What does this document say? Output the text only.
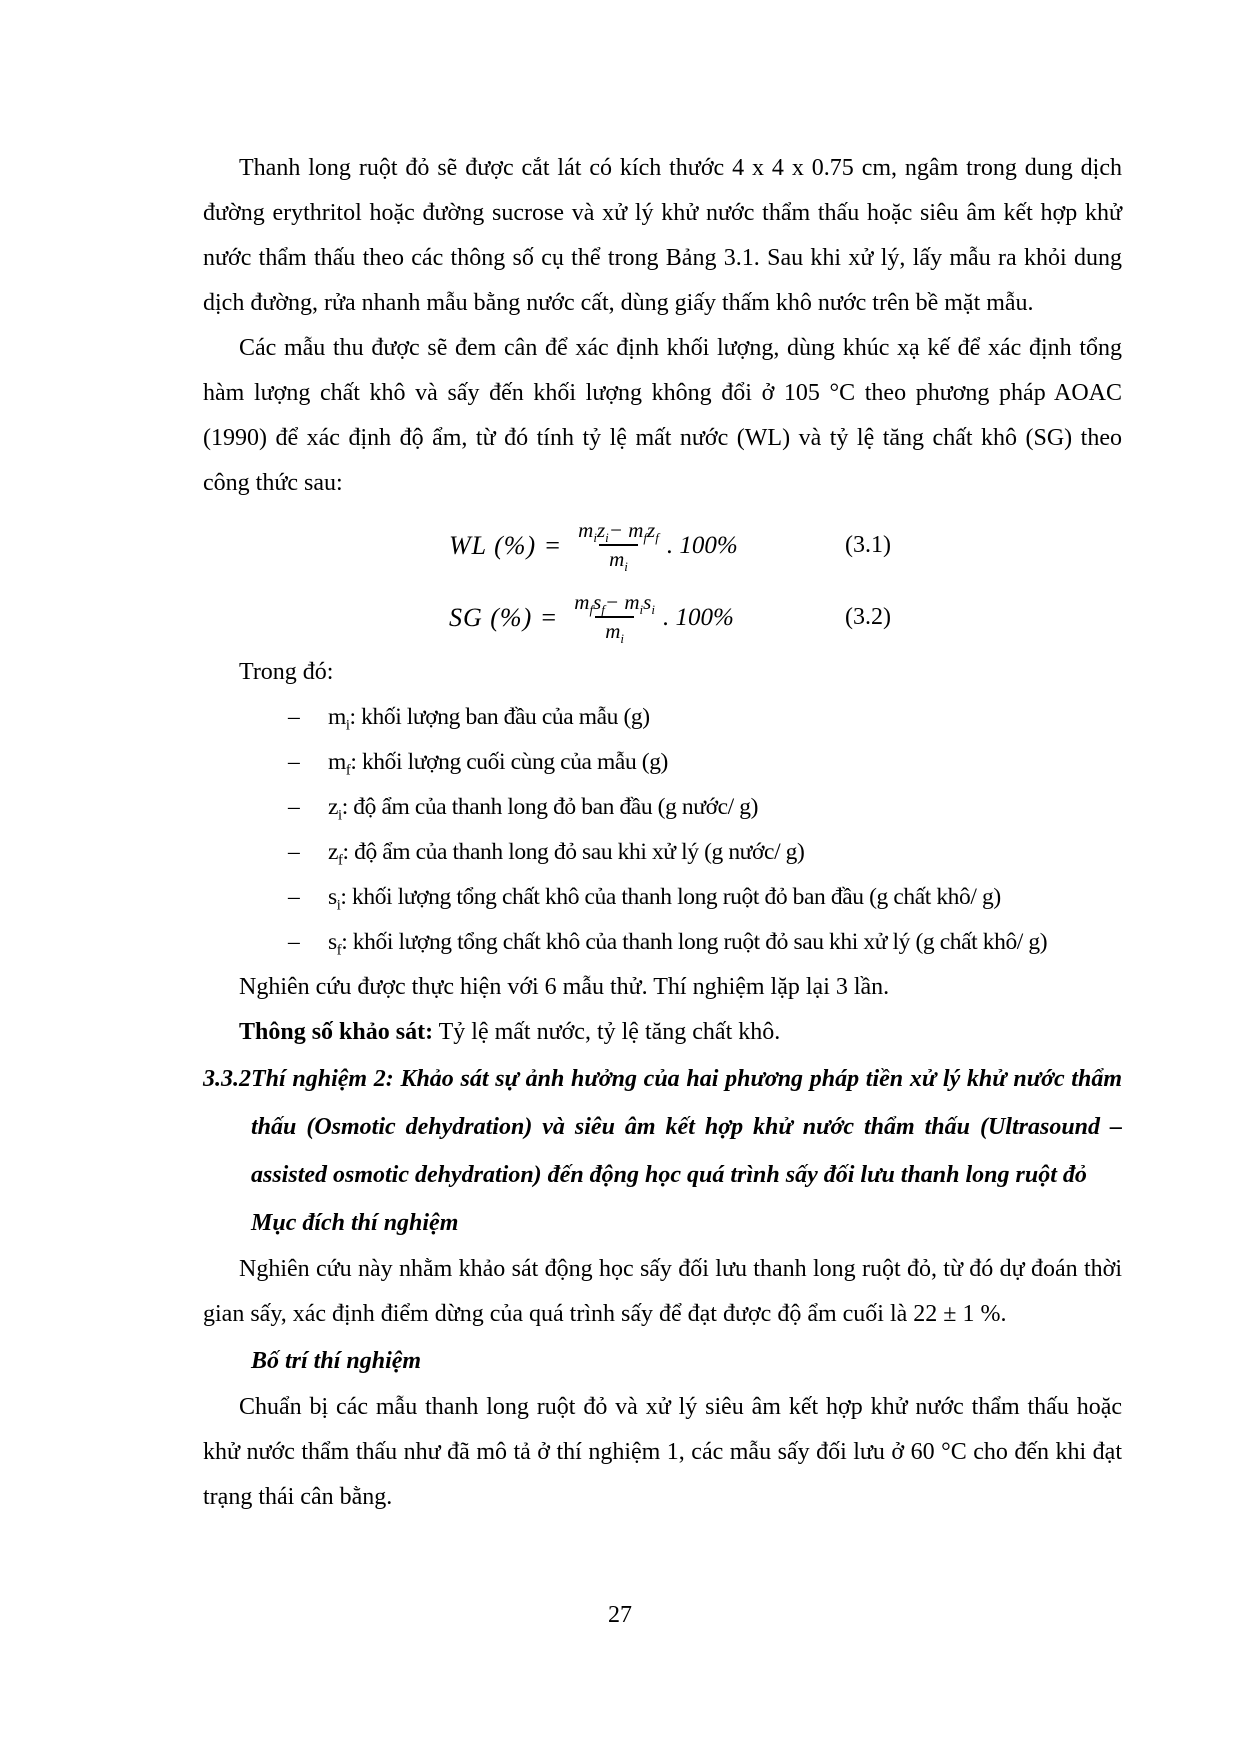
Thanh long ruột đỏ sẽ được cắt lát có kích thước 4 x 4 x 0.75 cm, ngâm trong dung dịch đường erythritol hoặc đường sucrose và xử lý khử nước thẩm thấu hoặc siêu âm kết hợp khử nước thẩm thấu theo các thông số cụ thể trong Bảng 3.1. Sau khi xử lý, lấy mẫu ra khỏi dung dịch đường, rửa nhanh mẫu bằng nước cất, dùng giấy thấm khô nước trên bề mặt mẫu.

Các mẫu thu được sẽ đem cân để xác định khối lượng, dùng khúc xạ kế để xác định tổng hàm lượng chất khô và sấy đến khối lượng không đổi ở 105 °C theo phương pháp AOAC (1990) để xác định độ ẩm, từ đó tính tỷ lệ mất nước (WL) và tỷ lệ tăng chất khô (SG) theo công thức sau:

WL (%) = $\frac{m_iz_i- m_fz_f}{m_i}$ . 100%	(3.1)
SG (%) = $\frac{m_fs_f- m_is_i}{m_i}$ . 100%	(3.2)

Trong đó:

– $m_i$: khối lượng ban đầu của mẫu (g)
– $m_f$: khối lượng cuối cùng của mẫu (g)
– $z_i$: độ ẩm của thanh long đỏ ban đầu (g nước/ g)
– $z_f$: độ ẩm của thanh long đỏ sau khi xử lý (g nước/ g)
– $s_i$: khối lượng tổng chất khô của thanh long ruột đỏ ban đầu (g chất khô/ g)
– $s_f$: khối lượng tổng chất khô của thanh long ruột đỏ sau khi xử lý (g chất khô/ g)

Nghiên cứu được thực hiện với 6 mẫu thử. Thí nghiệm lặp lại 3 lần.

Thông số khảo sát: Tỷ lệ mất nước, tỷ lệ tăng chất khô.

3.3.2 Thí nghiệm 2: Khảo sát sự ảnh hưởng của hai phương pháp tiền xử lý khử nước thẩm thấu (Osmotic dehydration) và siêu âm kết hợp khử nước thẩm thấu (Ultrasound – assisted osmotic dehydration) đến động học quá trình sấy đối lưu thanh long ruột đỏ
Mục đích thí nghiệm

Nghiên cứu này nhằm khảo sát động học sấy đối lưu thanh long ruột đỏ, từ đó dự đoán thời gian sấy, xác định điểm dừng của quá trình sấy để đạt được độ ẩm cuối là 22 ± 1 %.

Bố trí thí nghiệm

Chuẩn bị các mẫu thanh long ruột đỏ và xử lý siêu âm kết hợp khử nước thẩm thấu hoặc khử nước thẩm thấu như đã mô tả ở thí nghiệm 1, các mẫu sấy đối lưu ở 60 °C cho đến khi đạt trạng thái cân bằng.

27
